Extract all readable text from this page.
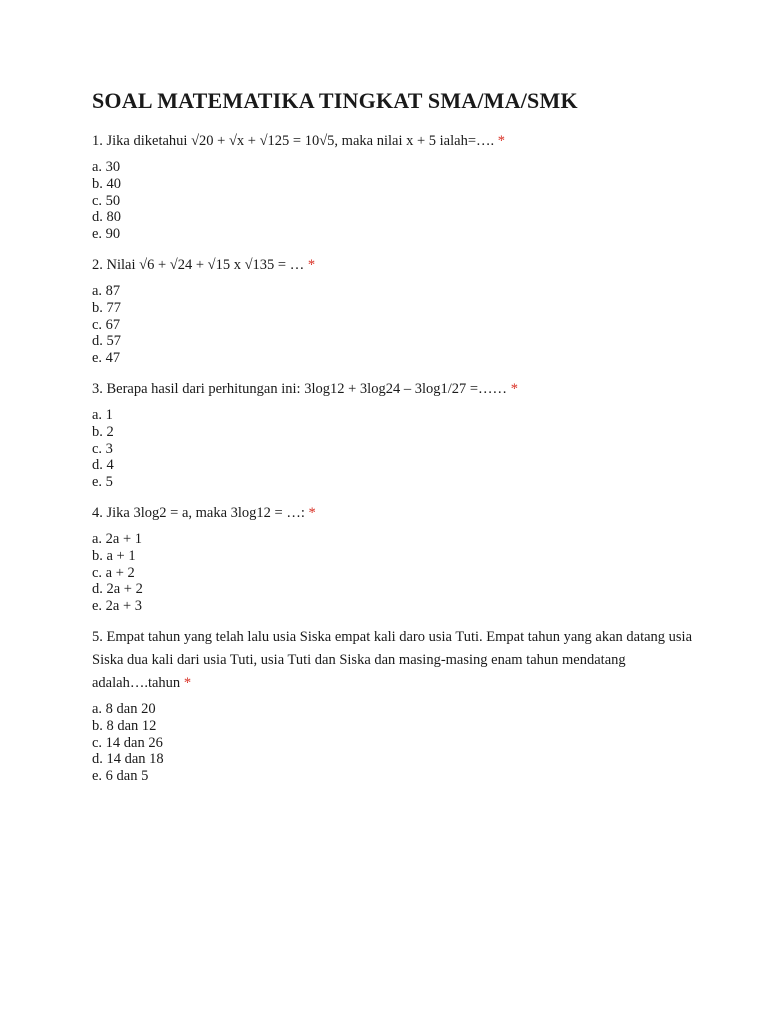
SOAL MATEMATIKA TINGKAT SMA/MA/SMK

1. Jika diketahui √20 + √x + √125 = 10√5, maka nilai x + 5 ialah=…. *

a. 30
b. 40
c. 50
d. 80
e. 90

2. Nilai √6 + √24 + √15 x √135 = … *

a. 87
b. 77
c. 67
d. 57
e. 47

3. Berapa hasil dari perhitungan ini: 3log12 + 3log24 – 3log1/27 =…… *

a. 1
b. 2
c. 3
d. 4
e. 5

4. Jika 3log2 = a, maka 3log12 = …: *

a. 2a + 1
b. a + 1
c. a + 2
d. 2a + 2
e. 2a + 3

5. Empat tahun yang telah lalu usia Siska empat kali daro usia Tuti. Empat tahun yang akan datang usia Siska dua kali dari usia Tuti, usia Tuti dan Siska dan masing-masing enam tahun mendatang adalah….tahun *

a. 8 dan 20
b. 8 dan 12
c. 14 dan 26
d. 14 dan 18
e. 6 dan 5
